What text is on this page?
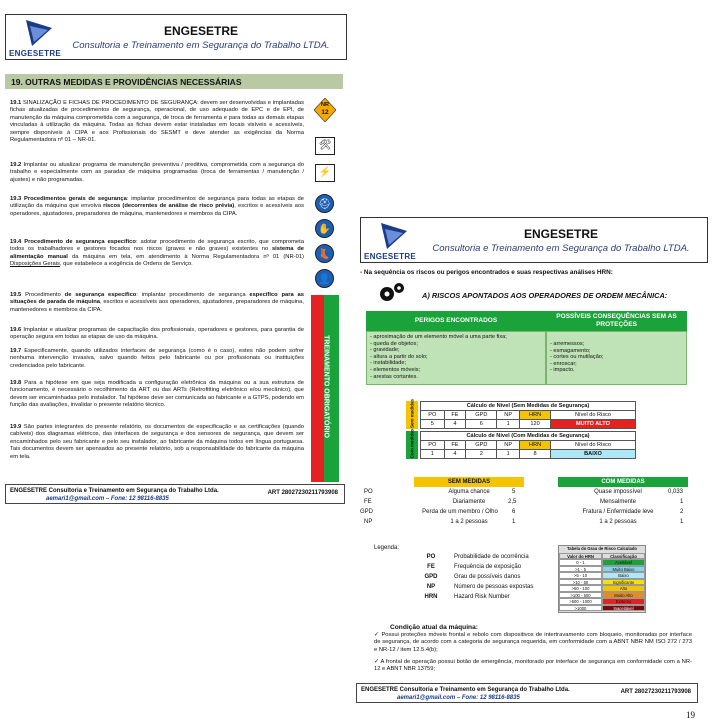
ENGESETRE
ENGESETRE
Consultoria e Treinamento em Segurança do Trabalho LTDA.
19. OUTRAS MEDIDAS E PROVIDÊNCIAS NECESSÁRIAS
19.1 SINALIZAÇÃO E FICHAS DE PROCEDIMENTO DE SEGURANÇA: devem ser desenvolvidas e implantadas fichas atualizadas de procedimentos de segurança, operacional, de uso adequado de EPC e de EPI, de manutenção da máquina comprometida com a segurança, de troca de ferramenta e para todas as demais etapas vinculadas à utilização da máquina. Todas as fichas devem estar instaladas em locais visíveis e acessíveis, sempre disponíveis à CIPA e aos Profissionais do SESMT e deve atender as exigências da Norma Regulamentadora nº 01 – NR-01.
19.2 Implantar ou atualizar programa de manutenção preventiva / preditiva, comprometida com a segurança do trabalho e especialmente com as paradas de máquina programadas (troca de ferramentas / manutenção / ajustes) e não programadas.
19.3 Procedimentos gerais de segurança: implantar procedimentos de segurança para todas as etapas de utilização da máquina que envolva riscos (decorrentes de análise de risco prévia), escritos e acessíveis aos operadores, ajustadores, preparadores de máquina, mantenedores e membros da CIPA.
19.4 Procedimento de segurança específico: adotar procedimento de segurança escrito, que comprometa todos os trabalhadores e gestores focados nos riscos (graves e não graves) existentes no sistema de alimentação manual da máquina em tela, em atendimento à Norma Regulamentadora nº 01 (NR-01) Disposições Gerais, que estabelece a exigência de Ordens de Serviço.
19.5 Procedimento de segurança específico: implantar procedimento de segurança específico para as situações de parada de máquina, escritos e acessíveis aos operadores, ajustadores, preparadores de máquina, mantenedores e membros da CIPA.
19.6 Implantar e atualizar programas de capacitação dos profissionais, operadores e gestores, para garantia de operação segura em todas as etapas de uso da máquina.
19.7 Especificamente, quando utilizados interfaces de segurança (como é o caso), estes não podem sofrer nenhuma intervenção invasiva, salvo quando feitos pelo fabricante ou por profissionais ou instituições credenciados pelo fabricante.
19.8 Para a hipótese em que seja modificada a configuração eletrônica da máquina ou a sua estrutura de funcionamento, é necessário o recolhimento da ART ou das ARTs (Retrofitting eletrônico e/ou mecânico), que devem ser encaminhadas pelo instalador. Tal hipótese deve ser comunicada ao fabricante e a GTPS, podendo em função das avaliações, invalidar o presente relatório técnico.
19.9 São partes integrantes do presente relatório, os documentos de especificação e as certificações (quando cabíveis) dos diagramas elétricos, das interfaces de segurança e dos sensores de segurança, que devem ser encaminhados pelo seu fabricante e pelo seu instalador, ao fabricante da máquina todos em língua portuguesa. Tais documentos devem ser apensados ao presente relatório, sob a responsabilidade do fabricante da máquina em tela.
NR
12
🛠
⚡
⛑
✋
👢
👤
TREINAMENTO OBRIGATÓRIO
ENGESETRE Consultoria e Treinamento em Segurança do Trabalho Ltda.
aemari1@gmail.com – Fone: 12 98116-8835
ART 28027230211793908
ENGESETRE
ENGESETRE
Consultoria e Treinamento em Segurança do Trabalho LTDA.
- Na sequência os riscos ou perigos encontrados e suas respectivas análises HRN:
A) RISCOS APONTADOS AOS OPERADORES DE ORDEM MECÂNICA:
PERIGOS ENCONTRADOS
POSSÍVEIS CONSEQUÊNCIAS SEM AS PROTEÇÕES
- aproximação de um elemento móvel a uma parte fixa;
- queda de objetos;
- gravidade;
- altura a partir do solo;
- instabilidade;
- elementos móveis;
- arestas cortantes.
- arremessos;
- esmagamento;
- cortes ou mutilação;
- enroscar;
- impacto.
Sem medidas	Cálculo de Nível (Sem Medidas de Segurança)					
PO	FE	GPD	NP	HRN	Nível do Risco
5	4	6	1	120	MUITO ALTO
Com medidas	Cálculo de Nível (Com Medidas de Segurança)					
PO	FE	GPD	NP	HRN	Nível do Risco
1	4	2	1	8	BAIXO
SEM MEDIDAS	COM MEDIDAS
PO	Alguma chance	5	Quase impossível	0,033
FE	Diariamente	2,5	Mensalmente	1
GPD	Perda de um membro / Olho	6	Fratura / Enfermidade leve	2
NP	1 a 2 pessoas	1	1 a 2 pessoas	1
Legenda:
PO	Probabilidade de ocorrência
FE	Frequência de exposição
GPD	Grau de possíveis danos
NP	Número de pessoas expostas
HRN	Hazard Risk Number
Tabela do Grau de Risco Calculado
Valor do HRN	Classificação
0 - 1	Aceitável
>1 - 5	Muito Baixo
>5 - 10	Baixo
>10 - 50	Significante
>50 - 100	Alto
>100 - 500	Muito Alto
>500 - 1000	Extremo
>1000	Inaceitável
Condição atual da máquina:
✓ Possui proteções móveis frontal e rebolo com dispositivos de intertravamento com bloqueio, monitoradas por interface de segurança, de acordo com a categoria de segurança requerida, em conformidade com a ABNT NBR NM ISO 272 / 273 e NR-12 / item 12.5.4(b);
✓ A frontal de operação possui botão de emergência, monitorado por interface de segurança em conformidade com a NR-12 e ABNT NBR 13759;
ENGESETRE Consultoria e Treinamento em Segurança do Trabalho Ltda.
aemari1@gmail.com – Fone: 12 98116-8835
ART 28027230211793908
19
